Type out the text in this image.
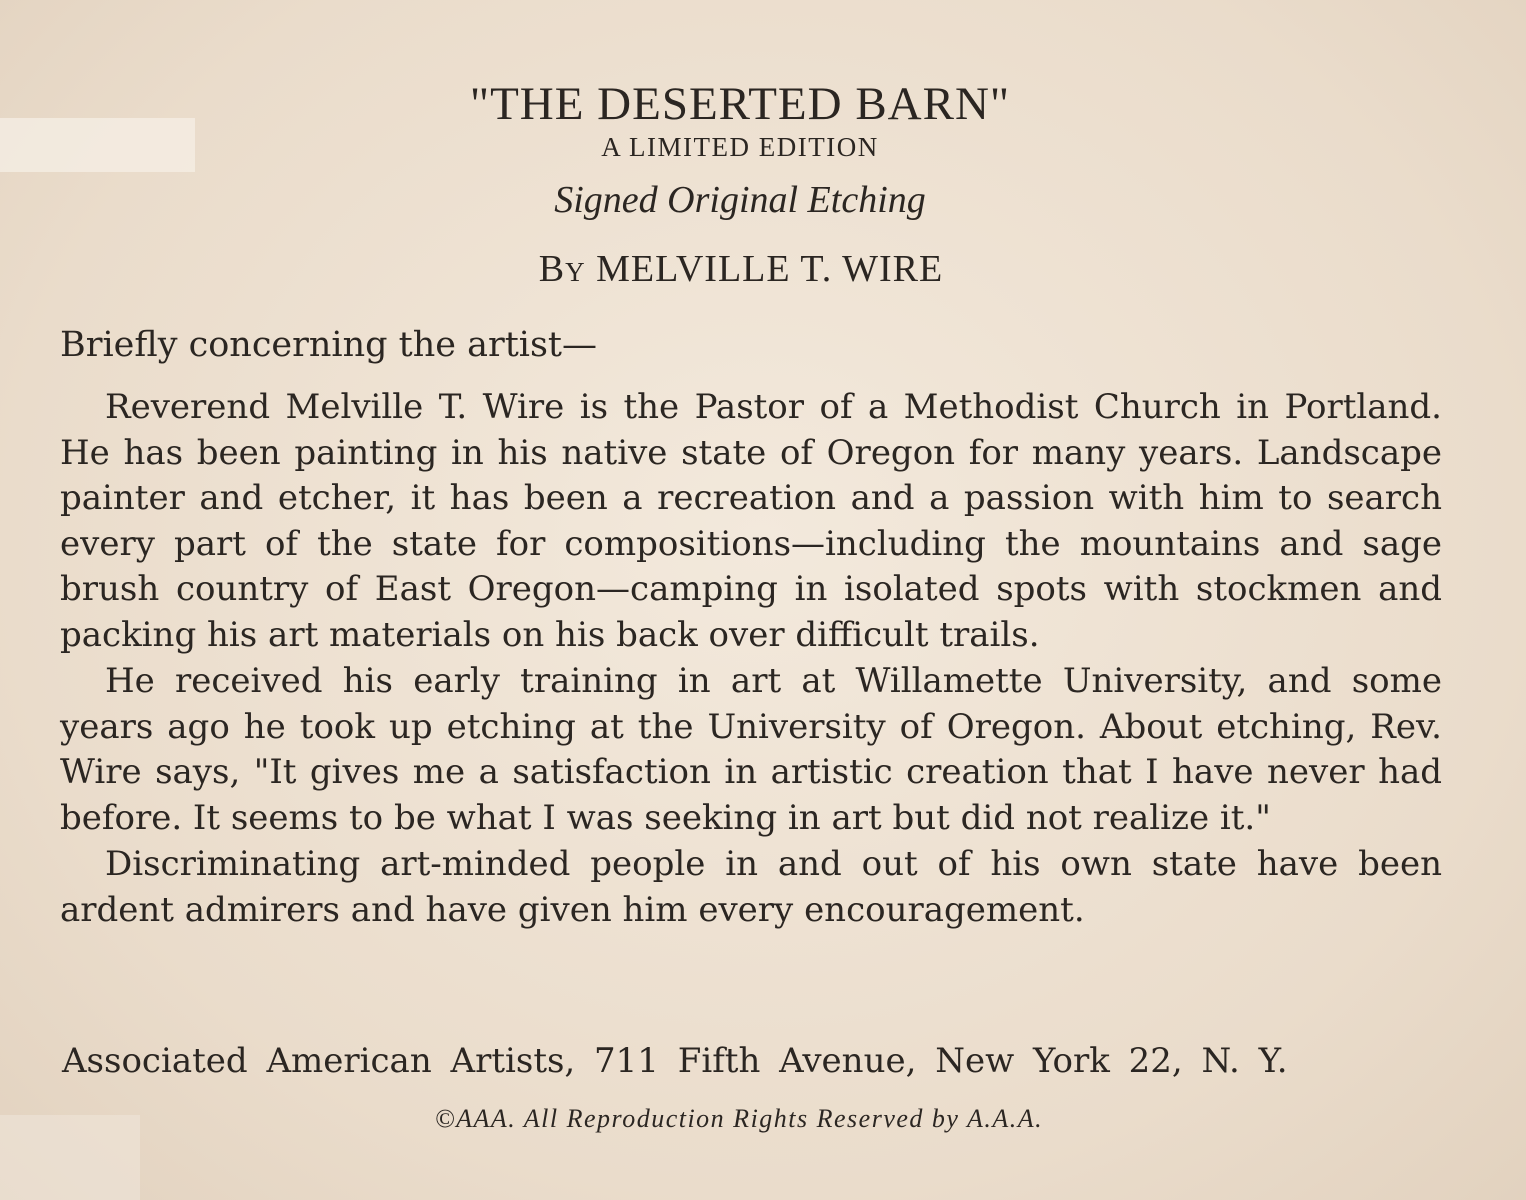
"THE DESERTED BARN"
A LIMITED EDITION
Signed Original Etching
By MELVILLE T. WIRE
Briefly concerning the artist—

Reverend Melville T. Wire is the Pastor of a Methodist Church in Portland. He has been painting in his native state of Oregon for many years. Landscape painter and etcher, it has been a recreation and a passion with him to search every part of the state for compositions—including the mountains and sage brush country of East Oregon—camping in isolated spots with stockmen and packing his art materials on his back over difficult trails.

He received his early training in art at Willamette University, and some years ago he took up etching at the University of Oregon. About etching, Rev. Wire says, "It gives me a satisfaction in artistic creation that I have never had before. It seems to be what I was seeking in art but did not realize it."

Discriminating art-minded people in and out of his own state have been ardent admirers and have given him every encouragement.

Associated American Artists, 711 Fifth Avenue, New York 22, N. Y.
©AAA. All Reproduction Rights Reserved by A.A.A.
